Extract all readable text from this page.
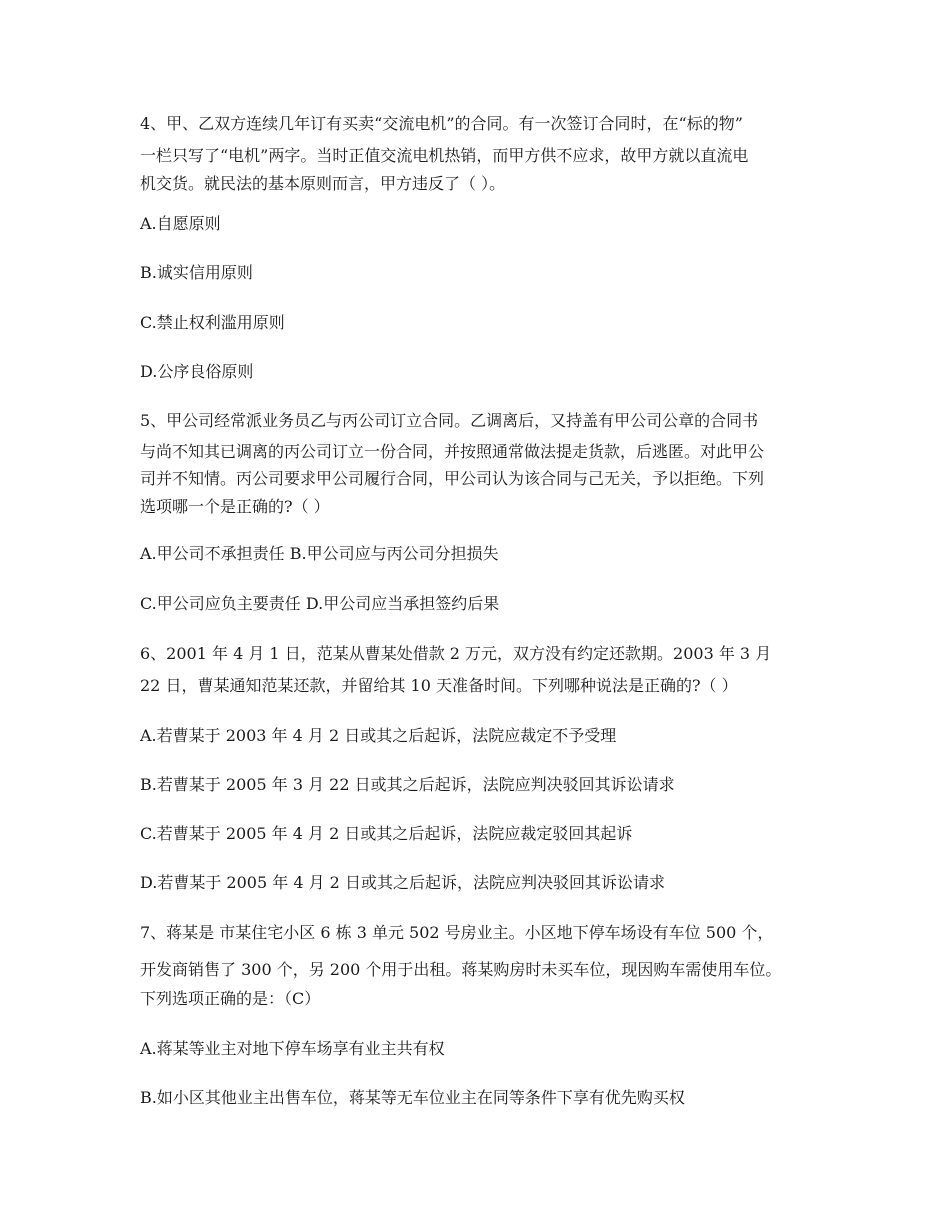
4、甲、乙双方连续几年订有买卖“交流电机”的合同。有一次签订合同时，在“标的物”
一栏只写了“电机”两字。当时正值交流电机热销，而甲方供不应求，故甲方就以直流电
机交货。就民法的基本原则而言，甲方违反了（ ）。
A.自愿原则
B.诚实信用原则
C.禁止权利滥用原则
D.公序良俗原则
5、甲公司经常派业务员乙与丙公司订立合同。乙调离后，又持盖有甲公司公章的合同书
与尚不知其已调离的丙公司订立一份合同，并按照通常做法提走货款，后逃匿。对此甲公
司并不知情。丙公司要求甲公司履行合同，甲公司认为该合同与己无关，予以拒绝。下列
选项哪一个是正确的?（ ）
A.甲公司不承担责任 B.甲公司应与丙公司分担损失
C.甲公司应负主要责任 D.甲公司应当承担签约后果
6、2001 年 4 月 1 日，范某从曹某处借款 2 万元，双方没有约定还款期。2003 年 3 月
22 日，曹某通知范某还款，并留给其 10 天准备时间。下列哪种说法是正确的?（ ）
A.若曹某于 2003 年 4 月 2 日或其之后起诉，法院应裁定不予受理
B.若曹某于 2005 年 3 月 22 日或其之后起诉，法院应判决驳回其诉讼请求
C.若曹某于 2005 年 4 月 2 日或其之后起诉，法院应裁定驳回其起诉
D.若曹某于 2005 年 4 月 2 日或其之后起诉，法院应判决驳回其诉讼请求
7、蒋某是 市某住宅小区 6 栋 3 单元 502 号房业主。小区地下停车场设有车位 500 个，
开发商销售了 300 个，另 200 个用于出租。蒋某购房时未买车位，现因购车需使用车位。
下列选项正确的是：（C）
A.蒋某等业主对地下停车场享有业主共有权
B.如小区其他业主出售车位，蒋某等无车位业主在同等条件下享有优先购买权
